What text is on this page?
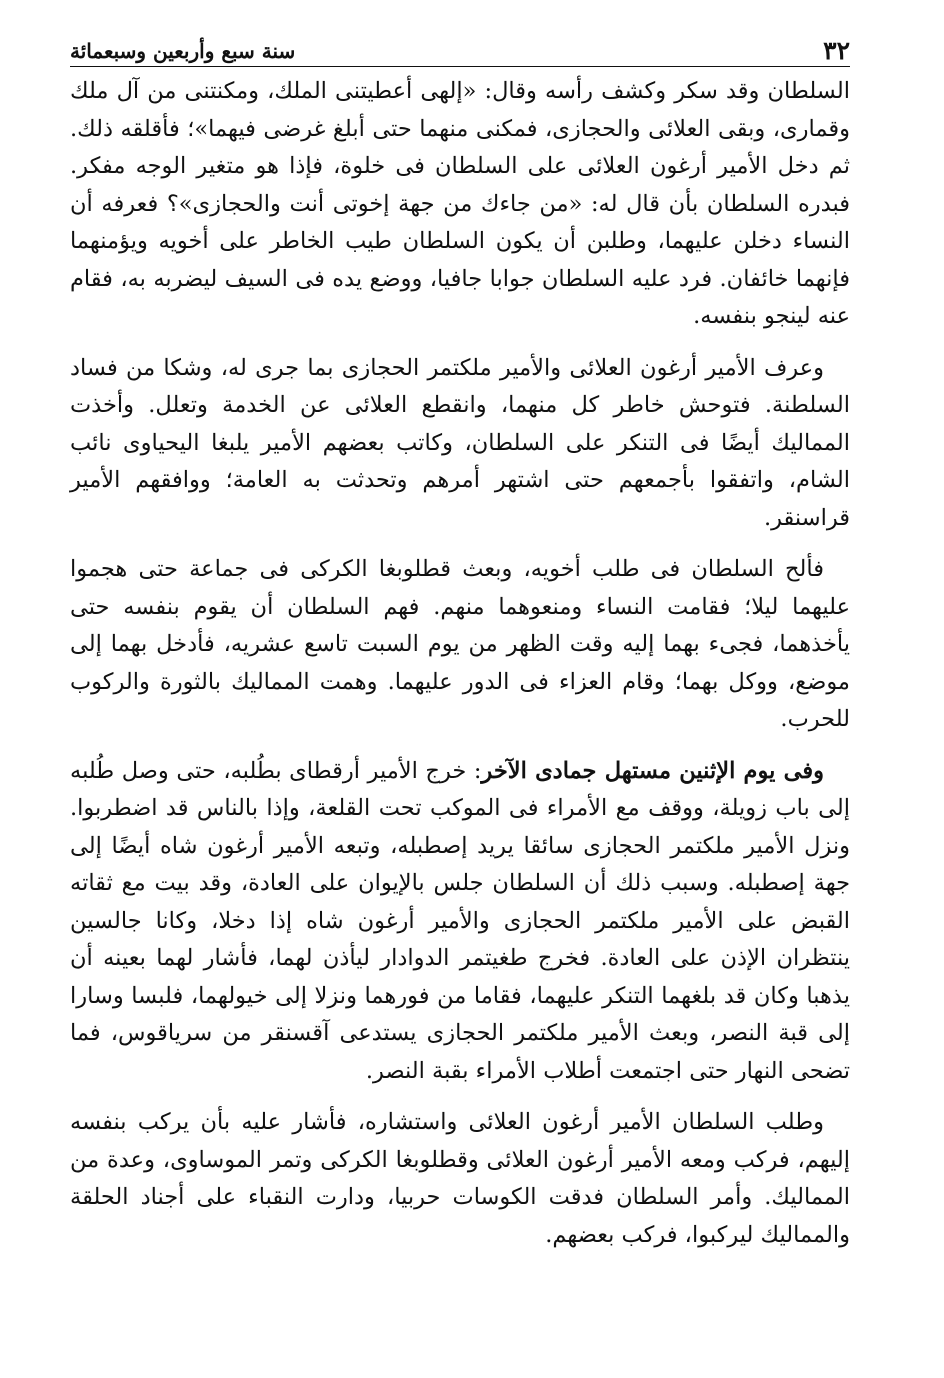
٣٢
سنة سبع وأربعين وسبعمائة

السلطان وقد سكر وكشف رأسه وقال: «إلهى أعطيتنى الملك، ومكنتنى من آل ملك وقمارى، وبقى العلائى والحجازى، فمكنى منهما حتى أبلغ غرضى فيهما»؛ فأقلقه ذلك. ثم دخل الأمير أرغون العلائى على السلطان فى خلوة، فإذا هو متغير الوجه مفكر. فبدره السلطان بأن قال له: «من جاءك من جهة إخوتى أنت والحجازى»؟ فعرفه أن النساء دخلن عليهما، وطلبن أن يكون السلطان طيب الخاطر على أخويه ويؤمنهما فإنهما خائفان. فرد عليه السلطان جوابا جافيا، ووضع يده فى السيف ليضربه به، فقام عنه لينجو بنفسه.

وعرف الأمير أرغون العلائى والأمير ملكتمر الحجازى بما جرى له، وشكا من فساد السلطنة. فتوحش خاطر كل منهما، وانقطع العلائى عن الخدمة وتعلل. وأخذت المماليك أيضًا فى التنكر على السلطان، وكاتب بعضهم الأمير يلبغا اليحياوى نائب الشام، واتفقوا بأجمعهم حتى اشتهر أمرهم وتحدثت به العامة؛ ووافقهم الأمير قراسنقر.

فألح السلطان فى طلب أخويه، وبعث قطلوبغا الكركى فى جماعة حتى هجموا عليهما ليلا؛ فقامت النساء ومنعوهما منهم. فهم السلطان أن يقوم بنفسه حتى يأخذهما، فجىء بهما إليه وقت الظهر من يوم السبت تاسع عشريه، فأدخل بهما إلى موضع، ووكل بهما؛ وقام العزاء فى الدور عليهما. وهمت المماليك بالثورة والركوب للحرب.

وفى يوم الإثنين مستهل جمادى الآخر: خرج الأمير أرقطاى بطُلبه، حتى وصل طُلبه إلى باب زويلة، ووقف مع الأمراء فى الموكب تحت القلعة، وإذا بالناس قد اضطربوا. ونزل الأمير ملكتمر الحجازى سائقا يريد إصطبله، وتبعه الأمير أرغون شاه أيضًا إلى جهة إصطبله. وسبب ذلك أن السلطان جلس بالإيوان على العادة، وقد بيت مع ثقاته القبض على الأمير ملكتمر الحجازى والأمير أرغون شاه إذا دخلا، وكانا جالسين ينتظران الإذن على العادة. فخرج طغيتمر الدوادار ليأذن لهما، فأشار لهما بعينه أن يذهبا وكان قد بلغهما التنكر عليهما، فقاما من فورهما ونزلا إلى خيولهما، فلبسا وسارا إلى قبة النصر، وبعث الأمير ملكتمر الحجازى يستدعى آقسنقر من سرياقوس، فما تضحى النهار حتى اجتمعت أطلاب الأمراء بقبة النصر.

وطلب السلطان الأمير أرغون العلائى واستشاره، فأشار عليه بأن يركب بنفسه إليهم، فركب ومعه الأمير أرغون العلائى وقطلوبغا الكركى وتمر الموساوى، وعدة من المماليك. وأمر السلطان فدقت الكوسات حربيا، ودارت النقباء على أجناد الحلقة والمماليك ليركبوا، فركب بعضهم.
